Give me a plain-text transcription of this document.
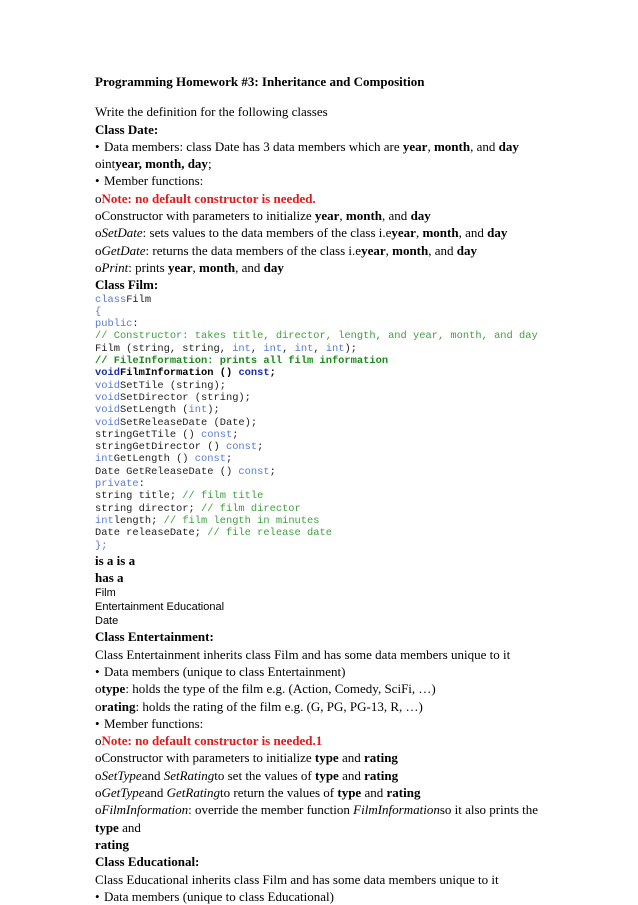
Programming Homework #3: Inheritance and Composition
Write the definition for the following classes
Class Date:
• Data members: class Date has 3 data members which are year, month, and day
ointyear, month, day;
• Member functions:
oNote: no default constructor is needed.
oConstructor with parameters to initialize year, month, and day
oSetDate: sets values to the data members of the class i.eyear, month, and day
oGetDate: returns the data members of the class i.eyear, month, and day
oPrint: prints year, month, and day
Class Film:
classFilm
{
public:
// Constructor: takes title, director, length, and year, month, and day
Film (string, string, int, int, int, int);
// FileInformation: prints all film information
voidFilmInformation () const;
voidSetTile (string);
voidSetDirector (string);
voidSetLength (int);
voidSetReleaseDate (Date);
stringGetTile () const;
stringGetDirector () const;
intGetLength () const;
Date GetReleaseDate () const;
private:
string title; // film title
string director; // film director
intlength; // film length in minutes
Date releaseDate; // file release date
};
is a is a
has a
Film
Entertainment Educational
Date
Class Entertainment:
Class Entertainment inherits class Film and has some data members unique to it
• Data members (unique to class Entertainment)
otype: holds the type of the film e.g. (Action, Comedy, SciFi, …)
orating: holds the rating of the film e.g. (G, PG, PG-13, R, …)
• Member functions:
oNote: no default constructor is needed.1
oConstructor with parameters to initialize type and rating
oSetTypeand SetRatingto set the values of type and rating
oGetTypeand GetRatingto return the values of type and rating
oFilmInformation: override the member function FilmInformationso it also prints the
type and
rating
Class Educational:
Class Educational inherits class Film and has some data members unique to it
• Data members (unique to class Educational)
